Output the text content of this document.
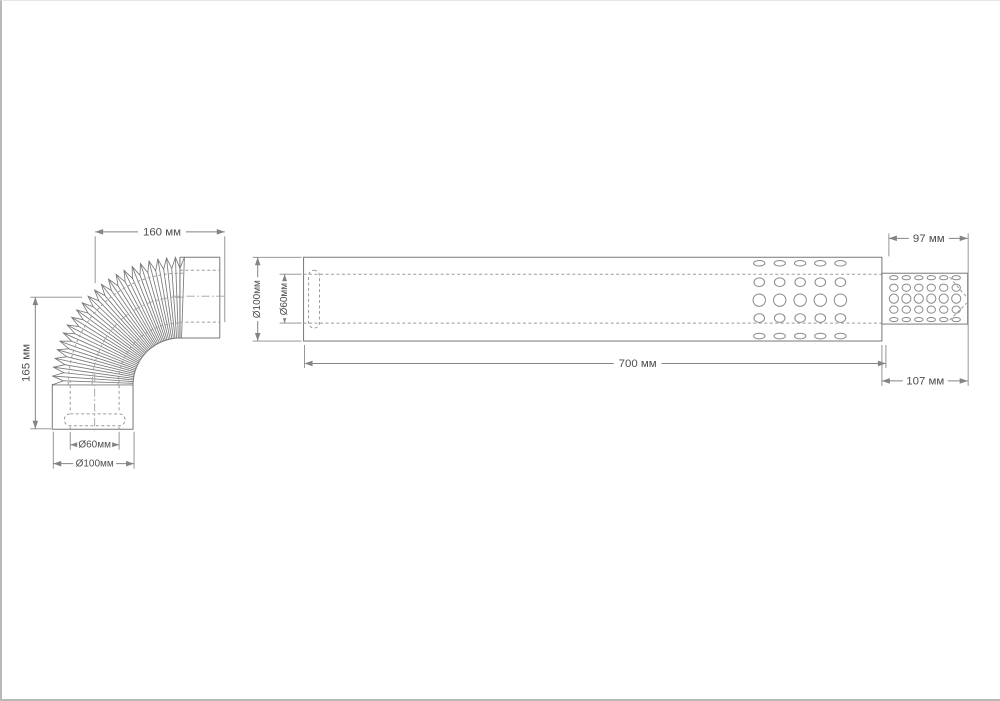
160 мм
165 мм
Ø60мм
Ø100мм
Ø100мм Ø60мм
700 мм
97 мм
107 мм
